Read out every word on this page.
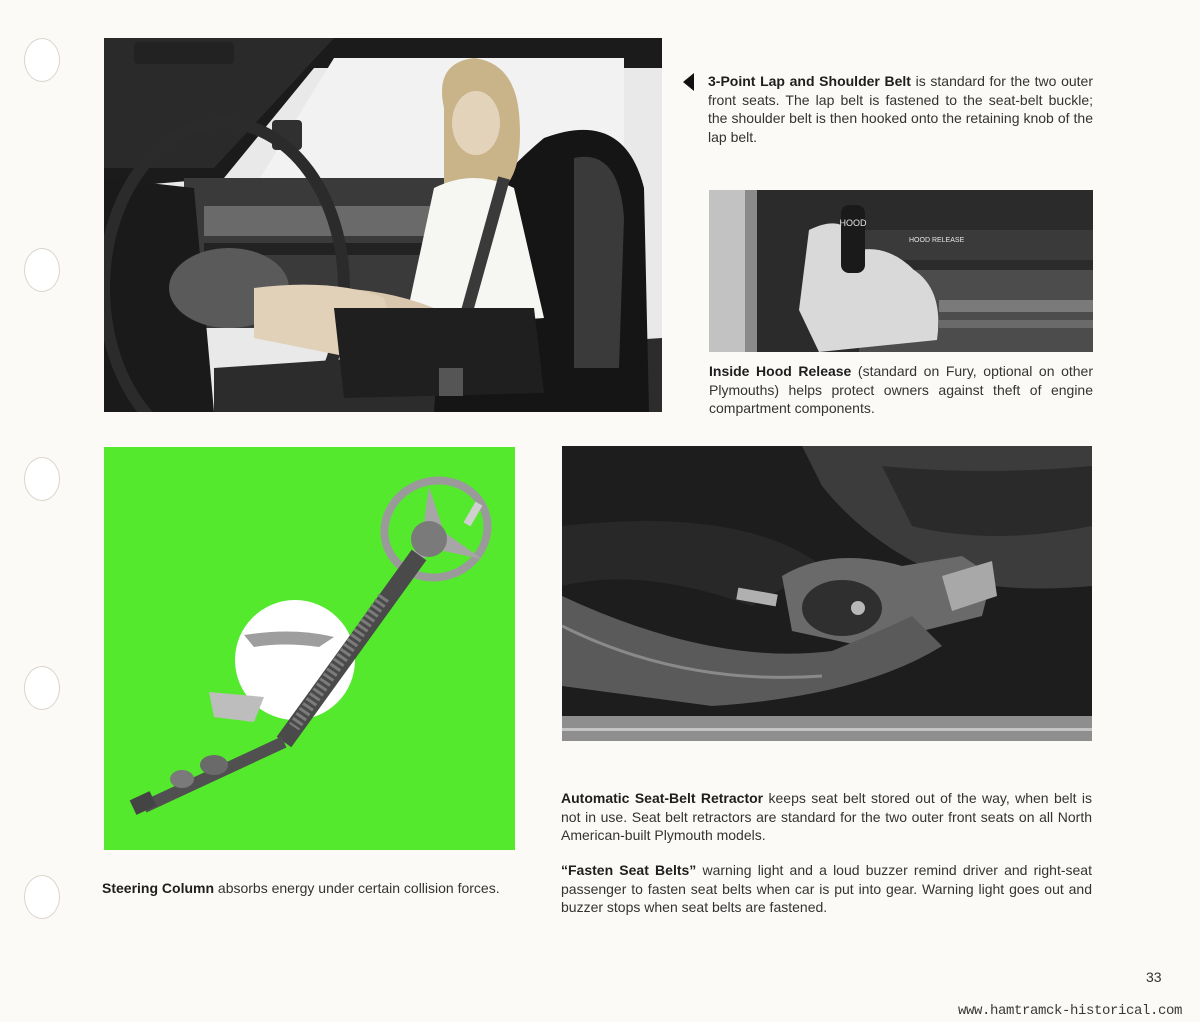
3-Point Lap and Shoulder Belt is standard for the two outer front seats. The lap belt is fastened to the seat-belt buckle; the shoulder belt is then hooked onto the retaining knob of the lap belt.
HOOD
HOOD RELEASE
Inside Hood Release (standard on Fury, optional on other Plymouths) helps protect owners against theft of engine compartment components.
Steering Column absorbs energy under certain collision forces.
Automatic Seat-Belt Retractor keeps seat belt stored out of the way, when belt is not in use. Seat belt retractors are standard for the two outer front seats on all North American-built Plymouth models.
“Fasten Seat Belts” warning light and a loud buzzer remind driver and right-seat passenger to fasten seat belts when car is put into gear. Warning light goes out and buzzer stops when seat belts are fastened.
33
www.hamtramck-historical.com
